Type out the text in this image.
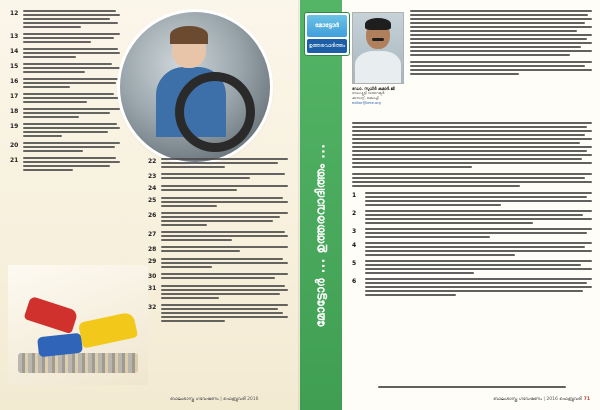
12
13
14
15
16
17
18
19
20
21	22
23
24
25
26
27
28
29
30
31
32
ബാലശാസ്ത്ര ഗവേഷണം | ഫെബ്രുവരി 2016
മോട്ടോർ ... ഉത്തരവാദിത്തം ...
മോട്ടോർ
ഉത്തരവാദിത്തം
ഡോ. സുധീർ കുമാർ.ജി
ഡെപ്യൂട്ടി ഡയറക്ടർ
കുസാറ്റ്, കൊച്ചി
editor@ieee.org
1
2
3
4
5
6
ബാലശാസ്ത്ര ഗവേഷണം | 2016 ഫെബ്രുവരി 71
